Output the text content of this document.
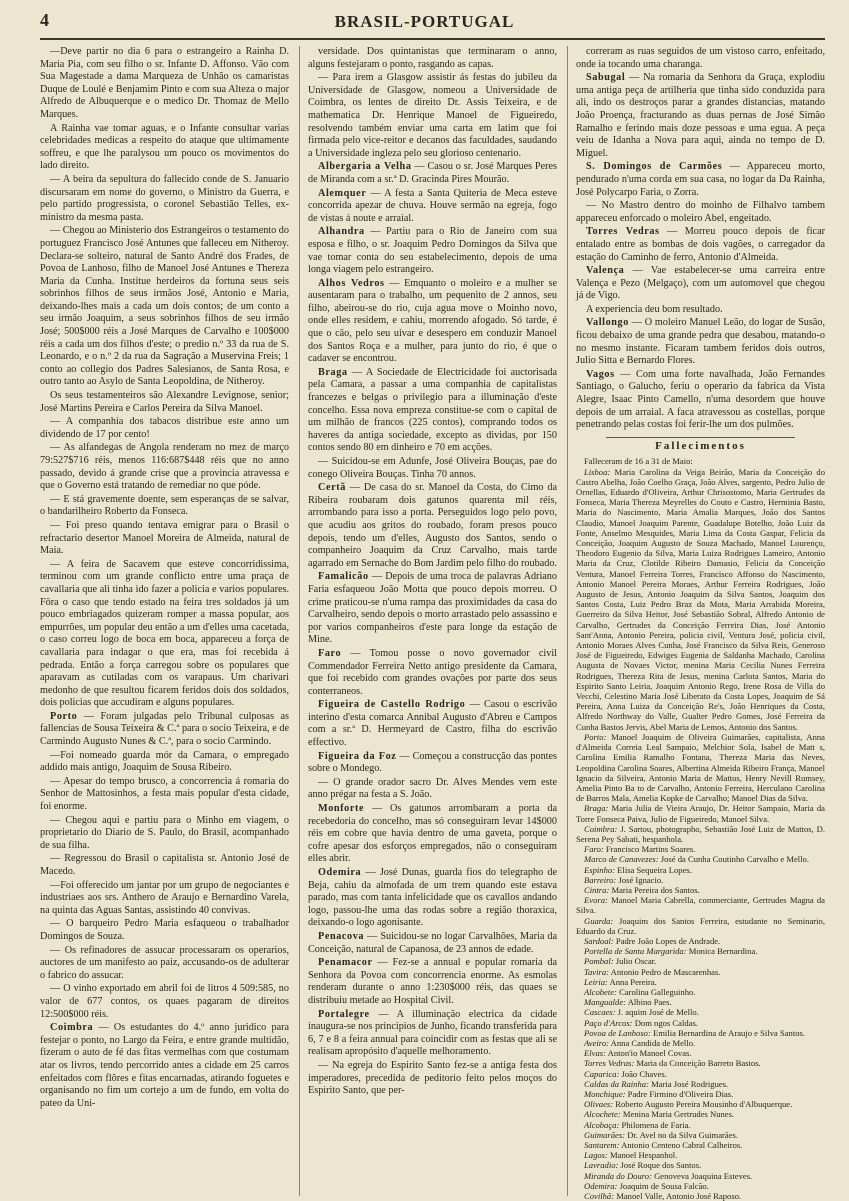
4	BRASIL-PORTUGAL

—Deve partir no dia 6 para o estrangeiro a Rainha D. Maria Pia, com seu filho o sr. Infante D. Affonso. Vão com Sua Magestade a dama Marqueza de Unhão os camaristas Duque de Loulé e Benjamim Pinto e com sua Alteza o major Alfredo de Albuquerque e o medico Dr. Thomaz de Mello Marques.

A Rainha vae tomar aguas, e o Infante consultar varias celebridades medicas a respeito do ataque que ultimamente soffreu, e que lhe paralysou um pouco os movimentos do lado direito.

— A beira da sepultura do fallecido conde de S. Januario discursaram em nome do governo, o Ministro da Guerra, e pelo partido progressista, o coronel Sebastião Telles, ex-ministro da mesma pasta.

— Chegou ao Ministerio dos Estrangeiros o testamento do portuguez Francisco José Antunes que falleceu em Nitheroy. Declara-se solteiro, natural de Santo André dos Frades, de Povoa de Lanhoso, filho de Manoel José Antunes e Thereza Maria da Cunha. Institue herdeiros da fortuna seus seis sobrinhos filhos de seus irmãos José, Antonio e Maria, deixando-lhes mais a cada um dois contos; de um conto a seu irmão Joaquim, a seus sobrinhos filhos de seu irmão José; 500$000 réis a José Marques de Carvalho e 100$000 réis a cada um dos filhos d'este; o predio n.º 33 da rua de S. Leonardo, e o n.º 2 da rua da Sagração a Muservina Freis; 1 conto ao collegio dos Padres Salesianos, de Santa Rosa, e outro tanto ao Asylo de Santa Leopoldina, de Nitheroy.

Os seus testamenteiros são Alexandre Levignose, senior; José Martins Pereira e Carlos Pereira da Silva Manoel.

— A companhia dos tabacos distribue este anno um dividendo de 17 por cento!

— As alfandegas de Angola renderam no mez de março 79:527$716 réis, menos 116:687$448 réis que no anno passado, devido á grande crise que a provincia atravessa e que o Governo está tratando de remediar no que póde.

— E stá gravemente doente, sem esperanças de se salvar, o bandarilheiro Roberto da Fonseca.

— Foi preso quando tentava emigrar para o Brasil o refractario desertor Manoel Moreira de Almeida, natural de Maia.

— A feira de Sacavem que esteve concorridissima, terminou com um grande conflicto entre uma praça de cavallaria que ali tinha ido fazer a policia e varios populares. Fôra o caso que tendo estado na feira tres soldados já um pouco embriagados quizeram romper a massa popular, aos empurrões, um popular deu então a um d'elles uma cacetada, o caso correu logo de boca em boca, appareceu a força de cavallaria para indagar o que era, mas foi recebida á pedrada. Então a força carregou sobre os populares que aparavam as cutiladas com os varapaus. Um charivari medonho de que resultou ficarem feridos dois dos soldados, dois policias que accudiram e alguns populares.

Porto — Foram julgadas pelo Tribunal culposas as fallencias de Sousa Teixeira & C.ª para o socio Teixeira, e de Carmindo Augusto Nunes & C.ª, para o socio Carmindo.

—Foi nomeado guarda mór da Camara, o empregado addido mais antigo, Joaquim de Sousa Ribeiro.

— Apesar do tempo brusco, a concorrencia á romaria do Senhor de Mattosinhos, a festa mais popular d'esta cidade, foi enorme.

— Chegou aqui e partiu para o Minho em viagem, o proprietario do Diario de S. Paulo, do Brasil, acompanhado de sua filha.

— Regressou do Brasil o capitalista sr. Antonio José de Macedo.

—Foi offerecido um jantar por um grupo de negociantes e industriaes aos srs. Anthero de Araujo e Bernardino Varela, na quinta das Aguas Santas, assistindo 40 convivas.

— O barqueiro Pedro Maria esfaqueou o trabalhador Domingos de Souza.

— Os refinadores de assucar processaram os operarios, auctores de um manifesto ao paiz, accusando-os de adulterar o fabrico do assucar.

— O vinho exportado em abril foi de litros 4 509:585, no valor de 677 contos, os quaes pagaram de direitos 12:500$000 réis.

Coimbra — Os estudantes do 4.º anno juridico para festejar o ponto, no Largo da Feira, e entre grande multidão, fizeram o auto de fé das fitas vermelhas com que costumam atar os livros, tendo percorrido antes a cidade em 25 carros enfeitados com flôres e fitas encarnadas, atirando foguetes e organisando no fim um cortejo a um de fundo, em volta do pateo da Uni-

versidade. Dos quintanistas que terminaram o anno, alguns festejaram o ponto, rasgando as capas.

— Para irem a Glasgow assistir ás festas do jubileu da Universidade de Glasgow, nomeou a Universidade de Coimbra, os lentes de direito Dr. Assis Teixeira, e de mathematica Dr. Henrique Manoel de Figueiredo, resolvendo também enviar uma carta em latim que foi firmada pelo vice-reitor e decanos das faculdades, saudando a Universidade ingleza pelo seu glorioso centenario.

Albergaria a Velha — Casou o sr. José Marques Peres de Miranda com a sr.ª D. Gracinda Pires Mourão.

Alemquer — A festa a Santa Quiteria de Meca esteve concorrida apezar de chuva. Houve sermão na egreja, fogo de vistas á noute e arraial.

Alhandra — Partiu para o Rio de Janeiro com sua esposa e filho, o sr. Joaquim Pedro Domingos da Silva que vae tomar conta do seu estabelecimento, depois de uma longa viagem pelo estrangeiro.

Alhos Vedros — Emquanto o moleiro e a mulher se ausentaram para o trabalho, um pequenito de 2 annos, seu filho, abeirou-se do rio, cuja agua move o Moinho novo, onde elles residem, e cahiu, morrendo afogado. Só tarde, é que o cão, pelo seu uivar e desespero em conduzir Manoel dos Santos Roça e a mulher, para junto do rio, é que o cadaver se encontrou.

Braga — A Sociedade de Electricidade foi auctorisada pela Camara, a passar a uma companhia de capitalistas francezes e belgas o privilegio para a illuminação d'este concelho. Essa nova empreza constitue-se com o capital de um milhão de francos (225 contos), comprando todos os haveres da antiga sociedade, excepto as dividas, por 150 contos sendo 80 em dinheiro e 70 em acções.

— Suicidou-se em Adunfe, José Oliveira Bouças, pae do conego Oliveira Bouças. Tinha 70 annos.

Certã — De casa do sr. Manoel da Costa, do Cimo da Ribeira roubaram dois gatunos quarenta mil réis, arrombando para isso a porta. Perseguidos logo pelo povo, que acudiu aos gritos do roubado, foram presos pouco depois, tendo um d'elles, Augusto dos Santos, sendo o companheiro Joaquim da Cruz Carvalho, mais tarde agarrado em Sernache do Bom Jardim pelo filho do roubado.

Famalicão — Depois de uma troca de palavras Adriano Faria esfaqueou João Motta que pouco depois morreu. O crime praticou-se n'uma rampa das proximidades da casa do Carvalheiro, sendo depois o morto arrastado pelo assassino e por varios companheiros d'este para longe da estação de Mine.

Faro — Tomou posse o novo governador civil Commendador Ferreira Netto antigo presidente da Camara, que foi recebido com grandes ovações por parte dos seus conterraneos.

Figueira de Castello Rodrigo — Casou o escrivão interino d'esta comarca Annibal Augusto d'Abreu e Campos com a sr.ª D. Hermeyard de Castro, filha do escrivão effectivo.

Figueira da Foz — Começou a construcção das pontes sobre o Mondego.

— O grande orador sacro Dr. Alves Mendes vem este anno prégar na festa a S. João.

Monforte — Os gatunos arrombaram a porta da recebedoria do concelho, mas só conseguiram levar 14$000 réis em cobre que havia dentro de uma gaveta, porque o cofre apesar dos esforços empregados, não o conseguiram elles abrir.

Odemira — José Dunas, guarda fios do telegrapho de Beja, cahiu da almofada de um trem quando este estava parado, mas com tanta infelicidade que os cavallos andando logo, passou-lhe uma das rodas sobre a região thoraxica, deixando-o logo agonisante.

Penacova — Suicidou-se no logar Carvalhões, Maria da Conceição, natural de Capanosa, de 23 annos de edade.

Penamacor — Fez-se a annual e popular romaria da Senhora da Povoa com concorrencia enorme. As esmolas renderam durante o anno 1:230$000 réis, das quaes se distribuiu metade ao Hospital Civil.

Portalegre — A illuminação electrica da cidade inaugura-se nos principios de Junho, ficando transferida para 6, 7 e 8 a feira annual para coincidir com as festas que ali se realisam apropósito d'aquelle melhoramento.

— Na egreja do Espirito Santo fez-se a antiga festa dos imperadores, precedida de peditorio feito pelos moços do Espirito Santo, que per-

correram as ruas seguidos de um vistoso carro, enfeitado, onde ia tocando uma charanga.

Sabugal — Na romaria da Senhora da Graça, explodiu uma antiga peça de artilheria que tinha sido conduzida para ali, indo os destroços parar a grandes distancias, matando João Proença, fracturando as duas pernas de José Simão Ramalho e ferindo mais doze pessoas e uma egua. A peça veiu de Idanha a Nova para aqui, ainda no tempo de D. Miguel.

S. Domingos de Carmões — Appareceu morto, pendurado n'uma corda em sua casa, no logar da Da Rainha, José Polycarpo Faria, o Zorra.

— No Mastro dentro do moinho de Filhalvo tambem appareceu enforcado o moleiro Abel, engeitado.

Torres Vedras — Morreu pouco depois de ficar entalado entre as bombas de dois vagões, o carregador da estação do Caminho de ferro, Antonio d'Almeida.

Valença — Vae estabelecer-se uma carreira entre Valença e Pezo (Melgaço), com um automovel que chegou já de Vigo.

A experiencia deu bom resultado.

Vallongo — O moleiro Manuel Leão, do logar de Susão, ficou debaixo de uma grande pedra que desabou, matando-o no mesmo instante. Ficaram tambem feridos dois outros, Julio Sitta e Bernardo Flores.

Vagos — Com uma forte navalhada, João Fernandes Santiago, o Galucho, feriu o operario da fabrica da Vista Alegre, Isaac Pinto Camello, n'uma desordem que houve depois de um arraial. A faca atravessou as costellas, porque penetrando pelas costas foi ferir-lhe um dos pulmões.

Fallecimentos

Falleceram de 16 a 31 de Maio:

Lisboa: Maria Carolina da Veiga Beirão, Maria da Conceição do Castro Abelha, João Coelho Graça, João Alves, sargento, Pedro Julio de Ornellas, Eduardo d'Oliveira, Arthur Chrisostomo, Maria Gertrudes da Fonseca, Maria Thereza Meyrelles do Couto e Castro, Herminia Basto, Maria do Nascimento, Maria Amalia Marques, João dos Santos Claudio, Manoel Joaquim Parente, Guadalupe Botelho, João Luiz da Fonte, Anselmo Mesquides, Maria Lima da Costa Gaspar, Felicia da Conceição, Joaquim Augusto de Souza Machado, Manoel Lourenço, Theodoro Eugenio da Silva, Maria Luiza Rodrigues Lameiro, Antonio Maria da Cruz, Clotilde Ribeiro Damasio, Felicia da Conceição Ventura, Manoel Ferreira Torres, Francisco Affonso do Nascimento, Antonio Manoel Pereira Moraes, Arthur Ferreira Rodrigues, João Augusto de Jesus, Antonio Joaquim da Silva Santos, Joaquim dos Santos Costa, Luiz Pedro Braz da Mota, Maria Arrabida Moreira, Guerreiro da Silva Heitor, José Sebastião Sobral, Alfredo Antonio de Carvalho, Gertrudes da Conceição Ferreira Dias, José Antonio Sant'Anna, Antonio Pereira, policia civil, Ventura José, policia civil, Antonio Moraes Alves Cunha, José Francisco da Silva Reis, Generoso José de Figueiredo, Edwiges Eugenia de Saldanha Machado, Carolina Augusta de Novaes Victor, menina Maria Cecilia Nunes Ferreira Rodrigues, Thereza Rita de Jesus, menina Carlota Santos, Maria do Espirito Santo Leiria, Joaquim Antonio Rego, Irene Rosa de Villa do Vecchi, Celestino Maria José Liberato da Costa Lopes, Joaquim de Sá Pereira, Anna Luiza da Conceição Re's, João Henriques da Costa, Alfredo Northway do Valle, Gualter Pedro Gomes, José Ferreira da Cunha Bastos Jervis, Abel Maria de Lemos, Antonio dos Santos.

Porto: Manoel Joaquim de Oliveira Guimarães, capitalista, Anna d'Almeida Correia Leal Sampaio, Melchior Sola, Isabel de Matt s, Carolina Emilia Ramalho Fontana, Thereza Maria das Neves, Leopoldina Carolina Soares, Albertina Almeida Ribeiro França, Manoel Ignacio da Silveira, Antonio Maria de Mattos, Henry Nevill Rumsey, Amelia Pinto Ba to de Carvalho, Antonio Ferreira, Herculano Carolina de Barros Mala, Amelia Kopke de Carvalho; Manoel Dias da Silva.

Braga: Maria Julia de Vieira Araujo, Dr. Heitor Sampaio, Maria da Torre Fonseca Paiva, Julio de Figueiredo, Manoel Silva.

Coimbra: J. Sartou, photographo, Sebastião José Luiz de Mattos, D. Serena Pey Sabati, hespanhola.

Faro: Francisco Martins Soares.

Marco de Canavezes: José da Cunha Coutinho Carvalho e Mello.

Espinho: Elisa Sequeira Lopes.

Barreiro: José Ignacio.

Cintra: Maria Pereira dos Santos.

Evora: Manoel Maria Cabrella, commerciante, Gertrudes Magna da Silva.

Guarda: Joaquim dos Santos Ferreira, estudante no Seminario, Eduardo da Cruz.

Sardoal: Padre João Lopes de Andrade.

Portella de Santa Margarida: Monica Bernardina.

Pombal: Julio Oscar.

Tavira: Antonio Pedro de Mascarenhas.

Leiria: Anna Pereira.

Alcobete: Carolina Galleguinho.

Mangualde: Albino Paes.

Cascaes: J. aquim José de Mello.

Paço d'Arcos: Dom ngos Caldas.

Povoa de Lanhoso: Emilia Bernardina de Araujo e Silva Santos.

Aveiro: Anna Candida de Mello.

Elvas: Anton'io Manoel Covas.

Torres Vedras: Maria da Conceição Barreto Bastos.

Caparica: João Chaves.

Caldas da Rainha: Maria José Rodrigues.

Monchique: Padre Firmino d'Oliveira Dias.

Olivaes: Roberto Augusto Pereira Mousinho d'Albuquerque.

Alcochete: Menina Maria Gertrudes Nunes.

Alcobaça: Philomena de Faria.

Guimarães: Dr. Avel no da Silva Guimarães.

Santarem: Antonio Centeno Cabral Calheiros.

Lagos: Manoel Hespanhol.

Lavradio: José Roque dos Santos.

Miranda do Douro: Genoveva Joaquina Esteves.

Odemira: Joaquim de Sousa Falcão.

Covilhã: Manoel Valle, Antonio José Raposo.
